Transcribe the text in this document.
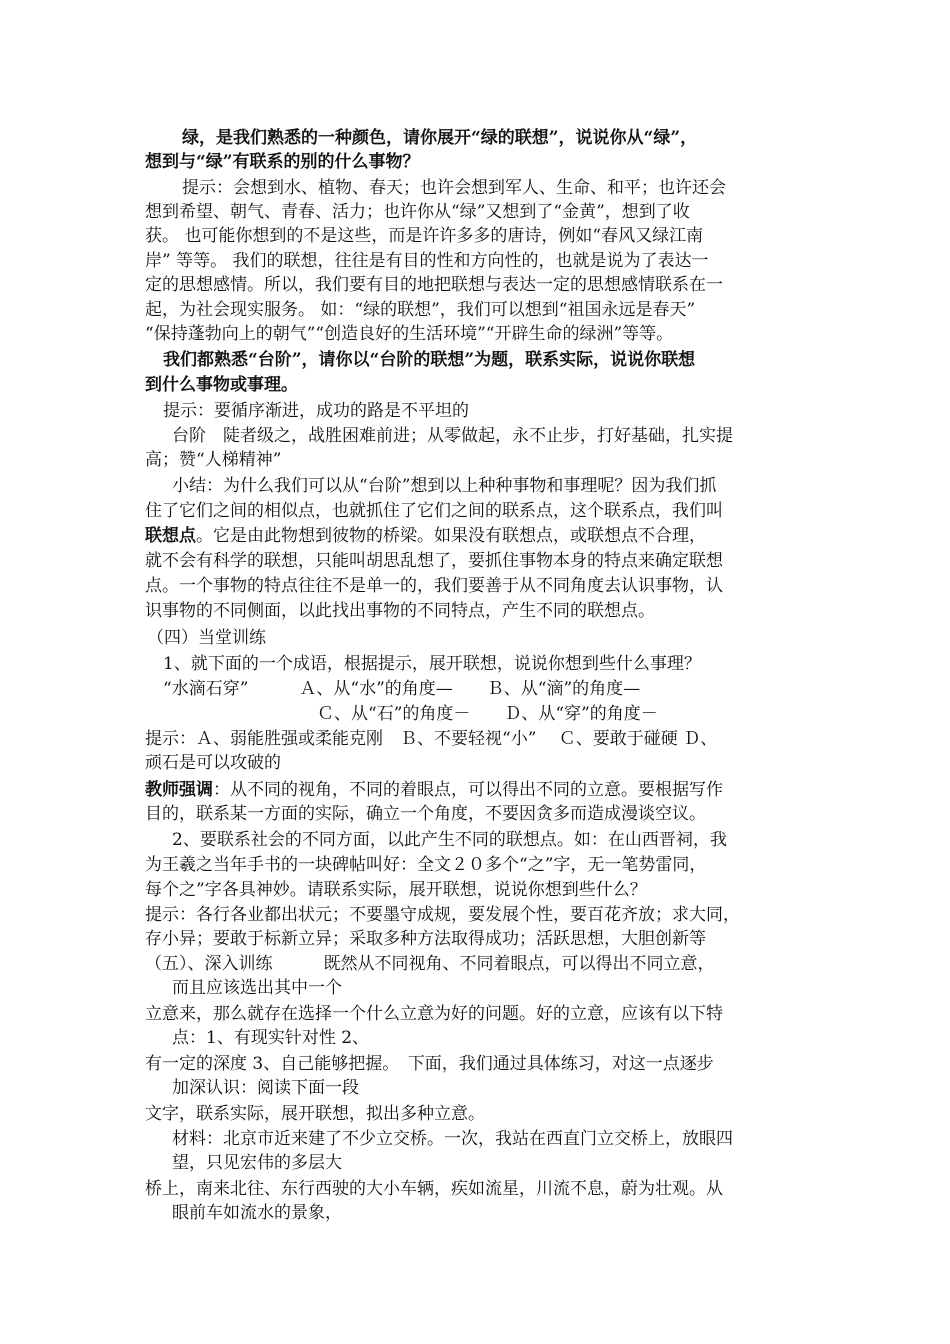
绿，是我们熟悉的一种颜色，请你展开“绿的联想”，说说你从“绿”，
想到与“绿”有联系的别的什么事物？
提示：会想到水、植物、春天；也许会想到军人、生命、和平；也许还会
想到希望、朝气、青春、活力；也许你从“绿”又想到了“金黄”，想到了收
获。 也可能你想到的不是这些，而是许许多多的唐诗，例如“春风又绿江南
岸” 等等。 我们的联想，往往是有目的性和方向性的，也就是说为了表达一
定的思想感情。所以，我们要有目的地把联想与表达一定的思想感情联系在一
起，为社会现实服务。 如：“绿的联想”，我们可以想到“祖国永远是春天”
“保持蓬勃向上的朝气”“创造良好的生活环境”“开辟生命的绿洲”等等。
我们都熟悉“台阶”，请你以“台阶的联想”为题，联系实际，说说你联想
到什么事物或事理。
提示：要循序渐进，成功的路是不平坦的
台阶　陡者级之，战胜困难前进；从零做起，永不止步，打好基础，扎实提
高；赞“人梯精神”
小结：为什么我们可以从“台阶”想到以上种种事物和事理呢？因为我们抓
住了它们之间的相似点，也就抓住了它们之间的联系点，这个联系点，我们叫
联想点。它是由此物想到彼物的桥梁。如果没有联想点，或联想点不合理，
就不会有科学的联想，只能叫胡思乱想了，要抓住事物本身的特点来确定联想
点。一个事物的特点往往不是单一的，我们要善于从不同角度去认识事物，认
识事物的不同侧面，以此找出事物的不同特点，产生不同的联想点。
（四）当堂训练
1、就下面的一个成语，根据提示，展开联想，说说你想到些什么事理？
“水滴石穿”　　　Ａ、从“水”的角度—　　Ｂ、从“滴”的角度—
Ｃ、从“石”的角度－　　Ｄ、从“穿”的角度－
提示：Ａ、弱能胜强或柔能克刚　Ｂ、不要轻视“小”　 Ｃ、要敢于碰硬 Ｄ、
顽石是可以攻破的
教师强调：从不同的视角，不同的着眼点，可以得出不同的立意。要根据写作
目的，联系某一方面的实际，确立一个角度，不要因贪多而造成漫谈空议。
2、要联系社会的不同方面，以此产生不同的联想点。如：在山西晋祠，我
为王羲之当年手书的一块碑帖叫好：全文２０多个“之”字，无一笔势雷同，
每个之”字各具神妙。请联系实际，展开联想，说说你想到些什么？
提示：各行各业都出状元；不要墨守成规，要发展个性，要百花齐放；求大同，
存小异；要敢于标新立异；采取多种方法取得成功；活跃思想，大胆创新等
（五）、深入训练　　　既然从不同视角、不同着眼点，可以得出不同立意，
而且应该选出其中一个
立意来，那么就存在选择一个什么立意为好的问题。好的立意，应该有以下特
点：1、有现实针对性 2、
有一定的深度 3、自己能够把握。　下面，我们通过具体练习，对这一点逐步
加深认识：阅读下面一段
文字，联系实际，展开联想，拟出多种立意。
材料：北京市近来建了不少立交桥。一次，我站在西直门立交桥上，放眼四
望，只见宏伟的多层大
桥上，南来北往、东行西驶的大小车辆，疾如流星，川流不息，蔚为壮观。从
眼前车如流水的景象，
